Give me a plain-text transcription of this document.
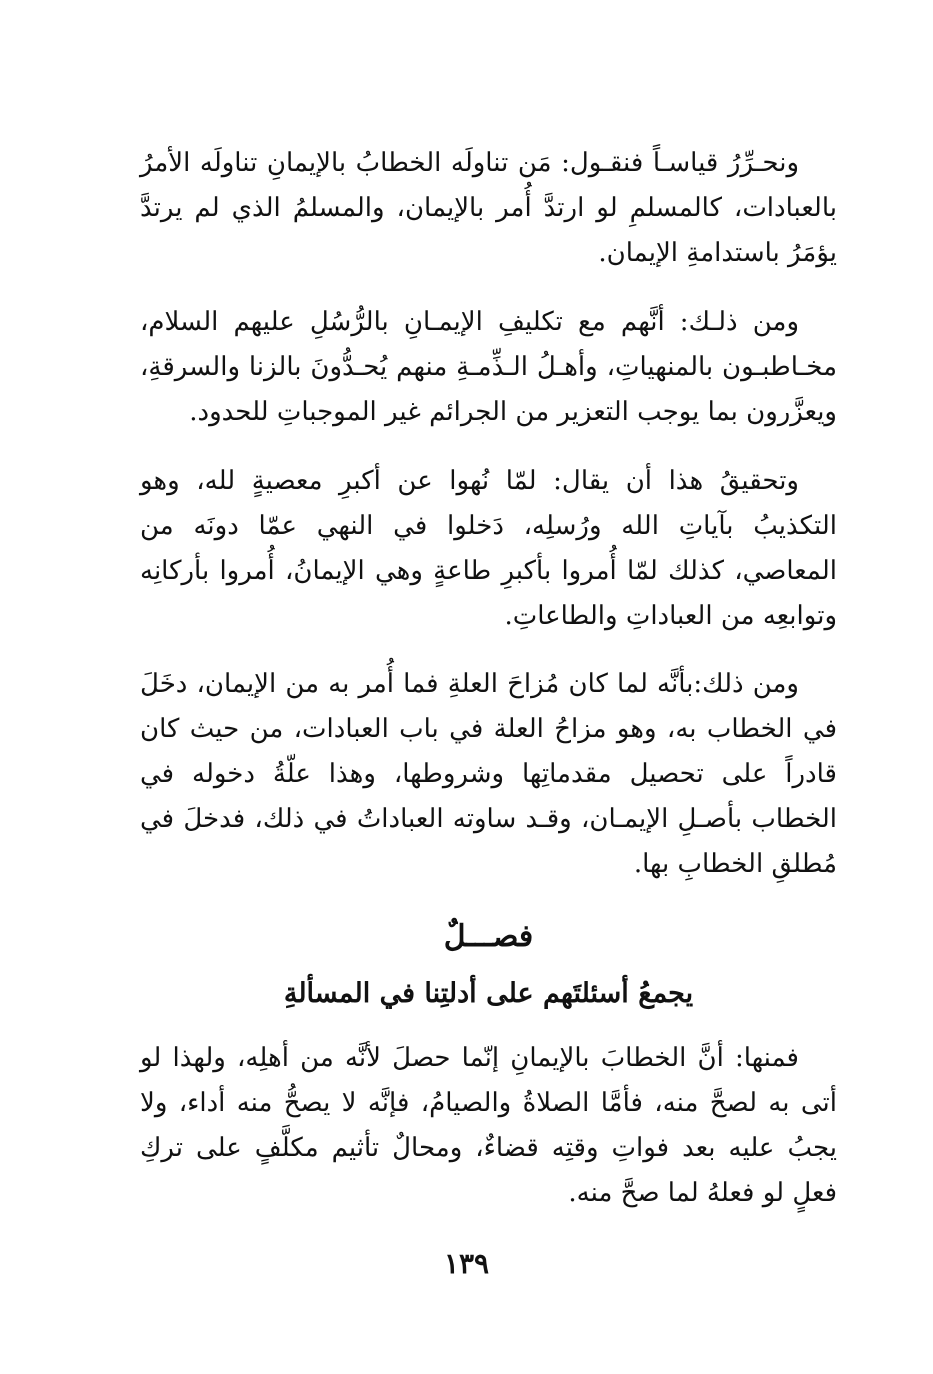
ونحـرِّرُ قياسـاً فنقـول: مَن تناولَه الخطابُ بالإيمانِ تناولَه الأمرُ بالعبادات، كالمسلمِ لو ارتدَّ أُمر بالإيمان، والمسلمُ الذي لم يرتدَّ يؤمَرُ باستدامةِ الإيمان.

ومن ذلـك: أنَّهم مع تكليفِ الإيمـانِ بالرُّسُلِ عليهم السلام، مخـاطبـون بالمنهياتِ، وأهـلُ الـذِّمـةِ منهم يُحـدُّونَ بالزنا والسرقةِ، ويعزَّرون بما يوجب التعزير من الجرائم غير الموجباتِ للحدود.

وتحقيقُ هذا أن يقال: لمّا نُهوا عن أكبرِ معصيةٍ لله، وهو التكذيبُ بآياتِ الله ورُسلِه، دَخلوا في النهي عمّا دونَه من المعاصي، كذلك لمّا أُمروا بأكبرِ طاعةٍ وهي الإيمانُ، أُمروا بأركانِه وتوابعِه من العباداتِ والطاعاتِ.

ومن ذلك:بأنَّه لما كان مُزاحَ العلةِ فما أُمر به من الإيمان، دخَلَ في الخطاب به، وهو مزاحُ العلة في باب العبادات، من حيث كان قادراً على تحصيل مقدماتِها وشروطها، وهذا علّةُ دخوله في الخطاب بأصـلِ الإيمـان، وقـد ساوته العباداتُ في ذلك، فدخلَ في مُطلقِ الخطابِ بها.

فصـــلٌ
يجمعُ أسئلتَهم على أدلتِنا في المسألةِ

فمنها: أنَّ الخطابَ بالإيمانِ إنّما حصلَ لأنَّه من أهلِه، ولهذا لو أتى به لصحَّ منه، فأمَّا الصلاةُ والصيامُ، فإنَّه لا يصحُّ منه أداء، ولا يجبُ عليه بعد فواتِ وقتِه قضاءٌ، ومحالٌ تأثيم مكلَّفٍ على تركِ فعلٍ لو فعلهُ لما صحَّ منه.

١٣٩
